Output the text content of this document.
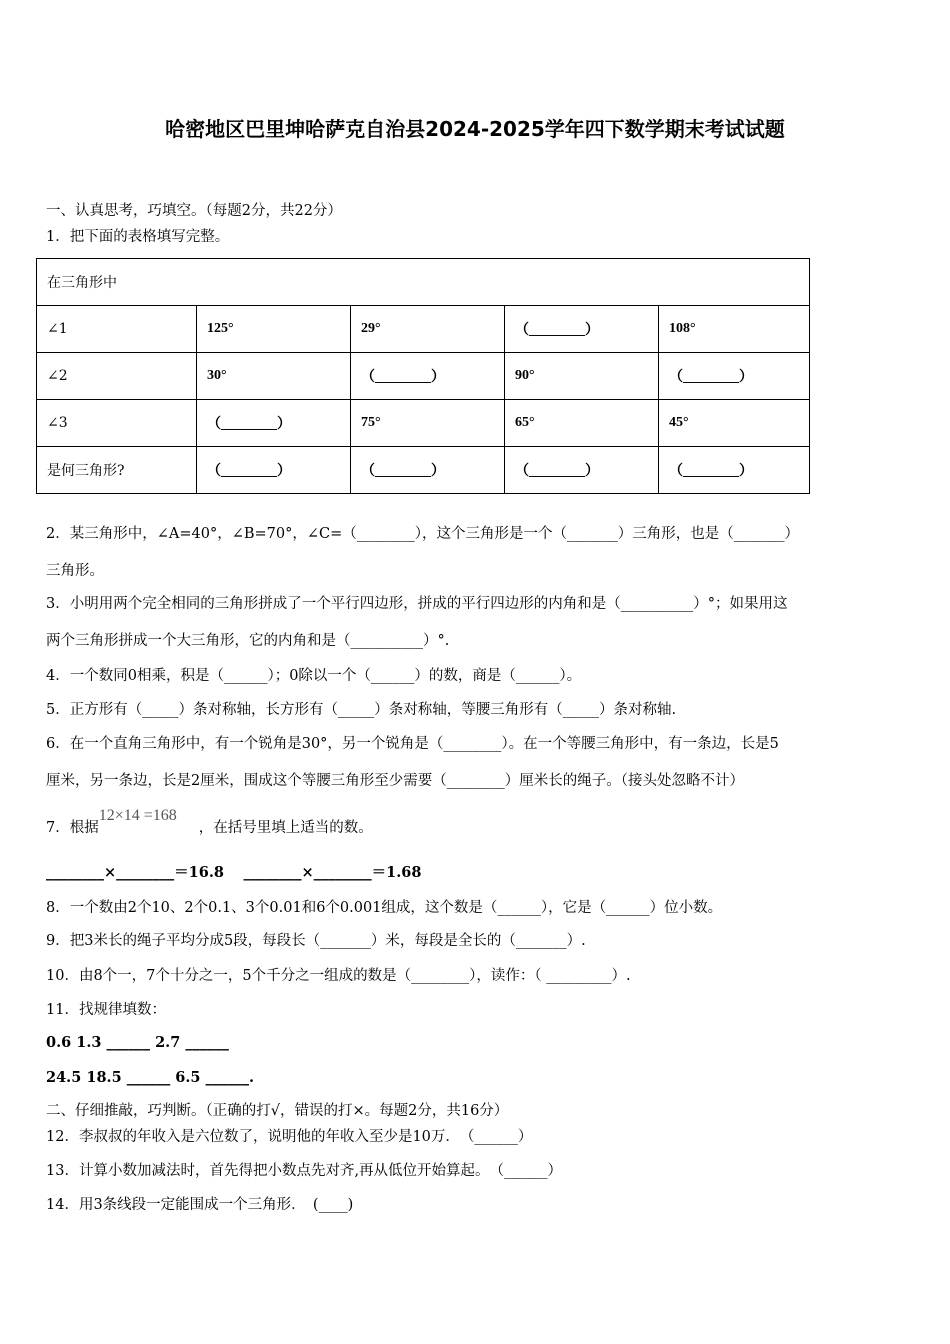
哈密地区巴里坤哈萨克自治县2024-2025学年四下数学期末考试试题
一、认真思考，巧填空。（每题2分，共22分）
1．把下面的表格填写完整。
在三角形中				
∠1	125°	29°	（________）	108°
∠2	30°	（________）	90°	（________）
∠3	（________）	75°	65°	45°
是何三角形?	（________）	（________）	（________）	（________）
2．某三角形中，∠A=40°，∠B=70°，∠C=（________），这个三角形是一个（_______）三角形，也是（_______）
三角形。
3．小明用两个完全相同的三角形拼成了一个平行四边形，拼成的平行四边形的内角和是（__________）°；如果用这
两个三角形拼成一个大三角形，它的内角和是（__________）°.
4．一个数同0相乘，积是（______）；0除以一个（______）的数，商是（______）。
5．正方形有（_____）条对称轴，长方形有（_____）条对称轴，等腰三角形有（_____）条对称轴.
6．在一个直角三角形中，有一个锐角是30°，另一个锐角是（________）。在一个等腰三角形中，有一条边，长是5
厘米，另一条边，长是2厘米，围成这个等腰三角形至少需要（________）厘米长的绳子。（接头处忽略不计）
7．根据12×14 =168，在括号里填上适当的数。
________×________＝16.8　 ________×________＝1.68
8．一个数由2个10、2个0.1、3个0.01和6个0.001组成，这个数是（______），它是（______）位小数。
9．把3米长的绳子平均分成5段，每段长（_______）米，每段是全长的（_______）.
10．由8个一，7个十分之一，5个千分之一组成的数是（________），读作：（ _________）.
11．找规律填数：
0.6 1.3 ______ 2.7 ______
24.5 18.5 ______ 6.5 ______.
二、仔细推敲，巧判断。（正确的打√，错误的打×。每题2分，共16分）
12．李叔叔的年收入是六位数了，说明他的年收入至少是10万．　（______）
13．计算小数加减法时，首先得把小数点先对齐,再从低位开始算起。　（______）
14．用3条线段一定能围成一个三角形．　(____)
